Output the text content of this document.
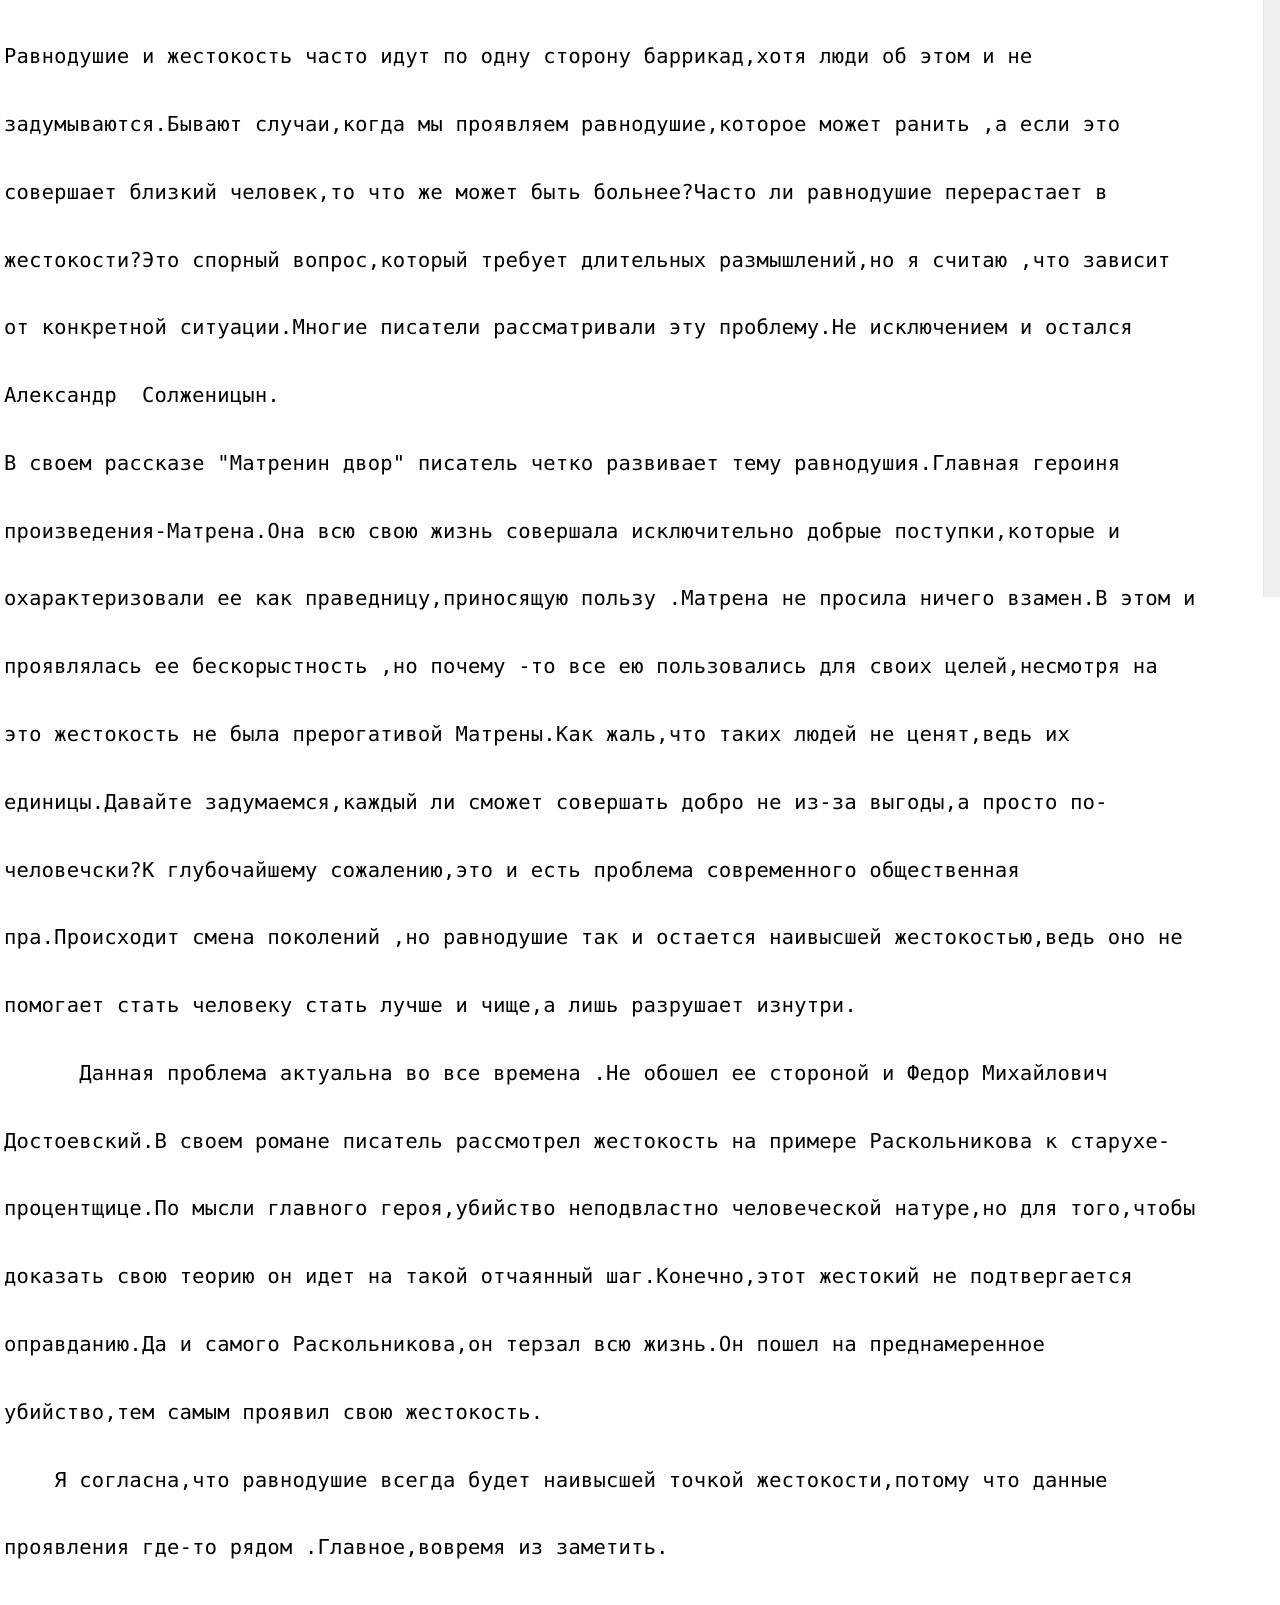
Равнодушие и жестокость часто идут по одну сторону баррикад,хотя люди об этом и не

задумываются.Бывают случаи,когда мы проявляем равнодушие,которое может ранить ,а если это

совершает близкий человек,то что же может быть больнее?Часто ли равнодушие перерастает в

жестокости?Это спорный вопрос,который требует длительных размышлений,но я считаю ,что зависит

от конкретной ситуации.Многие писатели рассматривали эту проблему.Не исключением и остался

Александр  Солженицын.

В своем рассказе "Матренин двор" писатель четко развивает тему равнодушия.Главная героиня

произведения-Матрена.Она всю свою жизнь совершала исключительно добрые поступки,которые и

охарактеризовали ее как праведницу,приносящую пользу .Матрена не просила ничего взамен.В этом и

проявлялась ее бескорыстность ,но почему -то все ею пользовались для своих целей,несмотря на

это жестокость не была прерогативой Матрены.Как жаль,что таких людей не ценят,ведь их

единицы.Давайте задумаемся,каждый ли сможет совершать добро не из-за выгоды,а просто по-

человечски?К глубочайшему сожалению,это и есть проблема современного общественная

пра.Происходит смена поколений ,но равнодушие так и остается наивысшей жестокостью,ведь оно не

помогает стать человеку стать лучше и чище,а лишь разрушает изнутри.

Данная проблема актуальна во все времена .Не обошел ее стороной и Федор Михайлович

Достоевский.В своем романе писатель рассмотрел жестокость на примере Раскольникова к старухе-

процентщице.По мысли главного героя,убийство неподвластно человеческой натуре,но для того,чтобы

доказать свою теорию он идет на такой отчаянный шаг.Конечно,этот жестокий не подтвергается

оправданию.Да и самого Раскольникова,он терзал всю жизнь.Он пошел на преднамеренное

убийство,тем самым проявил свою жестокость.

Я согласна,что равнодушие всегда будет наивысшей точкой жестокости,потому что данные

проявления где-то рядом .Главное,вовремя из заметить.
